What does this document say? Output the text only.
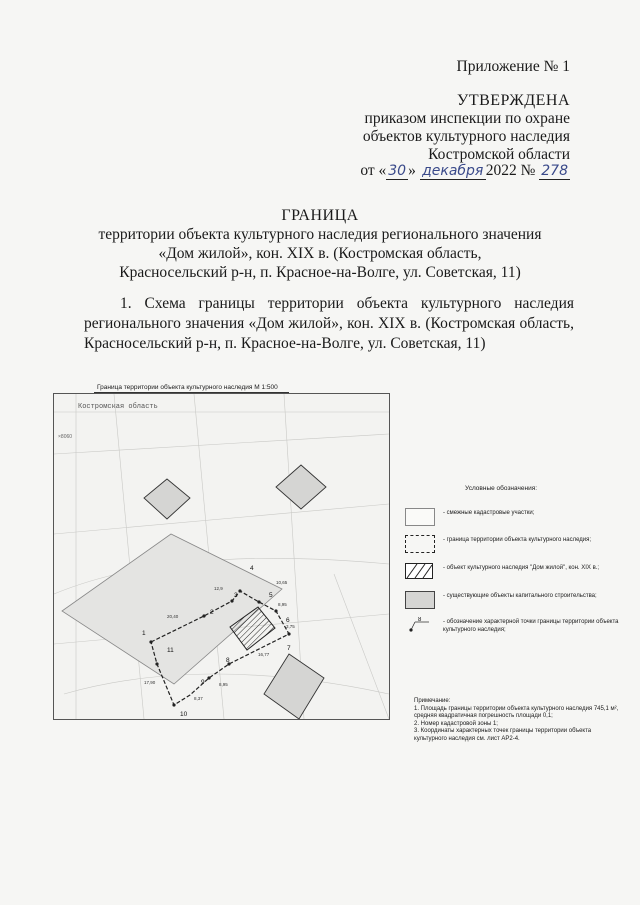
Приложение № 1
УТВЕРЖДЕНА
приказом инспекции по охране
объектов культурного наследия
Костромской области
от « 30 » декабря 2022 № 278
ГРАНИЦА
территории объекта культурного наследия регионального значения
«Дом жилой», кон. XIX в. (Костромская область,
Красносельский р-н, п. Красное-на-Волге, ул. Советская, 11)
1. Схема границы территории объекта культурного наследия регионального значения «Дом жилой», кон. XIX в. (Костромская область, Красносельский р-н, п. Красное-на-Волге, ул. Советская, 11)
Граница территории объекта культурного наследия М 1:500
Костромская область
×8060
1
2
3
4
5
6
7
8
9
10
11
12,9
10,65
20,40
8,95
3,75
16,77
17,90	8,95
8,37
Условные обозначения:
- смежные кадастровые участки;
- граница территории объекта культурного наследия;
- объект культурного наследия "Дом жилой", кон. XIX в.;
- существующие объекты капитального строительства;
8	- обозначение характерной точки границы территории объекта культурного наследия;
Примечание:
1. Площадь границы территории объекта культурного наследия 745,1 м², средняя квадратичная погрешность площади 0,1;
2. Номер кадастровой зоны 1;
3. Координаты характерных точек границы территории объекта культурного наследия см. лист АР2-4.
